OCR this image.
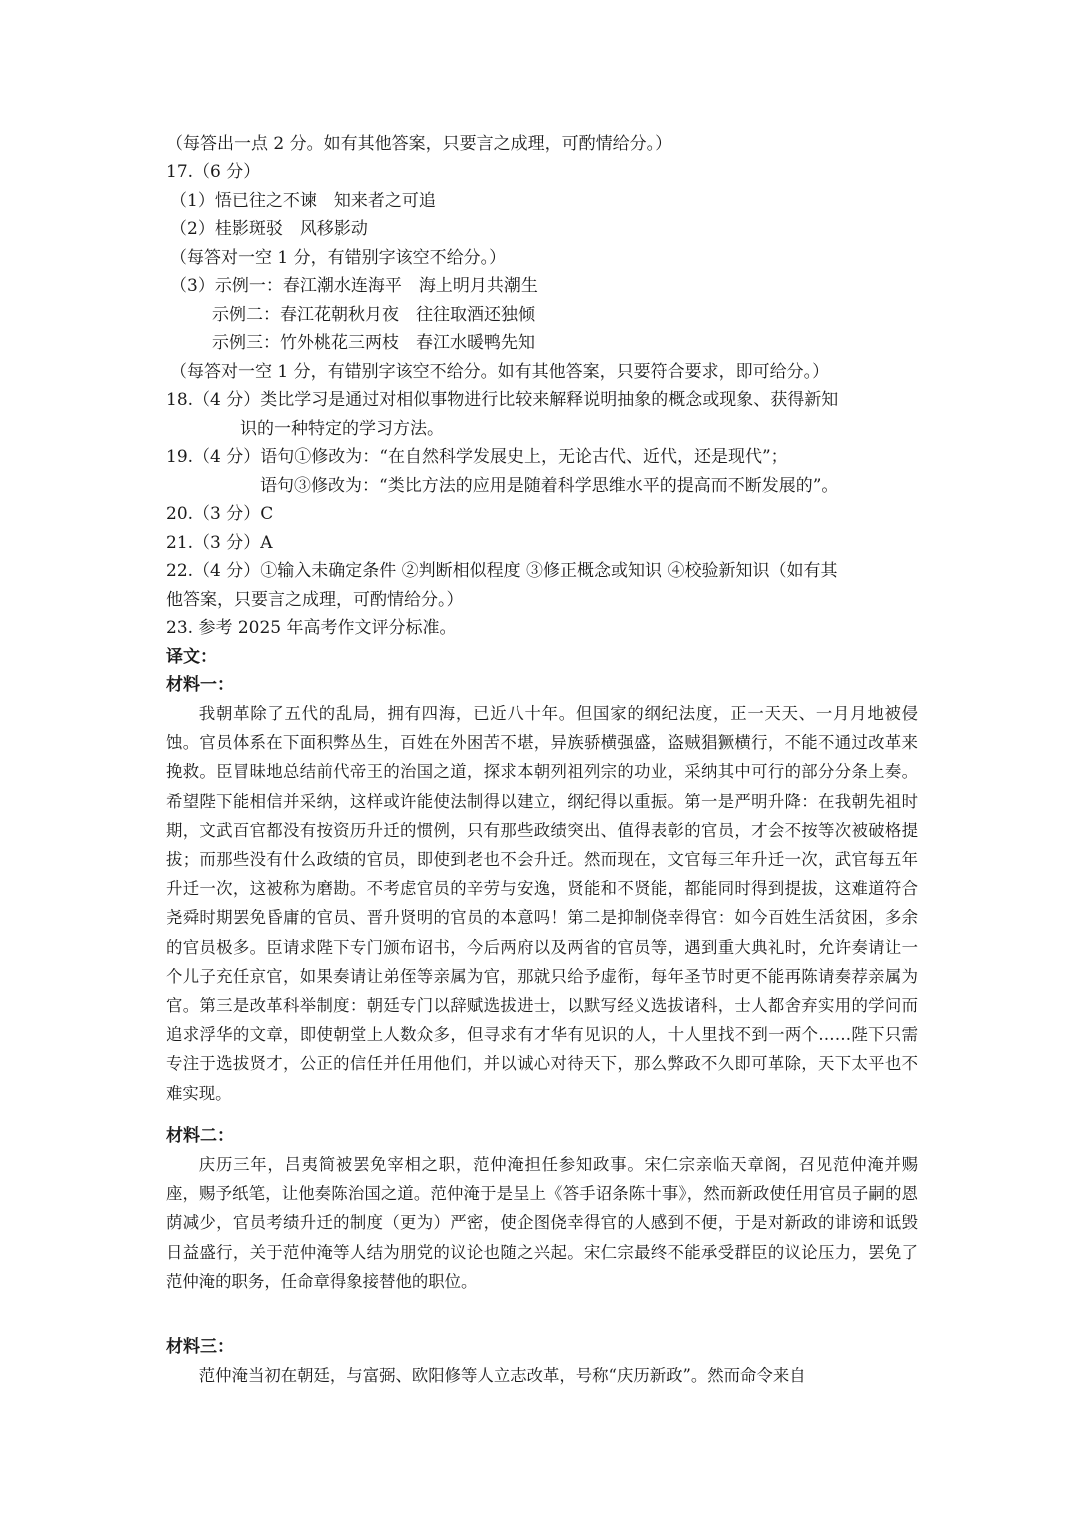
（每答出一点 2 分。如有其他答案，只要言之成理，可酌情给分。）
17.（6 分）
（1）悟已往之不谏　知来者之可追
（2）桂影斑驳　风移影动
（每答对一空 1 分，有错别字该空不给分。）
（3）示例一：春江潮水连海平　海上明月共潮生
示例二：春江花朝秋月夜　往往取酒还独倾
示例三：竹外桃花三两枝　春江水暖鸭先知
（每答对一空 1 分，有错别字该空不给分。如有其他答案，只要符合要求，即可给分。）
18.（4 分）类比学习是通过对相似事物进行比较来解释说明抽象的概念或现象、获得新知
识的一种特定的学习方法。
19.（4 分）语句①修改为：“在自然科学发展史上，无论古代、近代，还是现代”；
语句③修改为：“类比方法的应用是随着科学思维水平的提高而不断发展的”。
20.（3 分）C
21.（3 分）A
22.（4 分）①输入未确定条件 ②判断相似程度 ③修正概念或知识 ④校验新知识（如有其
他答案，只要言之成理，可酌情给分。）
23. 参考 2025 年高考作文评分标准。
译文：
材料一：

我朝革除了五代的乱局，拥有四海，已近八十年。但国家的纲纪法度，正一天天、一月月地被侵蚀。官员体系在下面积弊丛生，百姓在外困苦不堪，异族骄横强盛，盗贼猖獗横行，不能不通过改革来挽救。臣冒昧地总结前代帝王的治国之道，探求本朝列祖列宗的功业，采纳其中可行的部分分条上奏。希望陛下能相信并采纳，这样或许能使法制得以建立，纲纪得以重振。第一是严明升降：在我朝先祖时期，文武百官都没有按资历升迁的惯例，只有那些政绩突出、值得表彰的官员，才会不按等次被破格提拔；而那些没有什么政绩的官员，即使到老也不会升迁。然而现在，文官每三年升迁一次，武官每五年升迁一次，这被称为磨勘。不考虑官员的辛劳与安逸，贤能和不贤能，都能同时得到提拔，这难道符合尧舜时期罢免昏庸的官员、晋升贤明的官员的本意吗！第二是抑制侥幸得官：如今百姓生活贫困，多余的官员极多。臣请求陛下专门颁布诏书，今后两府以及两省的官员等，遇到重大典礼时，允许奏请让一个儿子充任京官，如果奏请让弟侄等亲属为官，那就只给予虚衔，每年圣节时更不能再陈请奏荐亲属为官。第三是改革科举制度：朝廷专门以辞赋选拔进士，以默写经义选拔诸科，士人都舍弃实用的学问而追求浮华的文章，即使朝堂上人数众多，但寻求有才华有见识的人，十人里找不到一两个……陛下只需专注于选拔贤才，公正的信任并任用他们，并以诚心对待天下，那么弊政不久即可革除，天下太平也不难实现。

材料二：

庆历三年，吕夷简被罢免宰相之职，范仲淹担任参知政事。宋仁宗亲临天章阁，召见范仲淹并赐座，赐予纸笔，让他奏陈治国之道。范仲淹于是呈上《答手诏条陈十事》，然而新政使任用官员子嗣的恩荫减少，官员考绩升迁的制度（更为）严密，使企图侥幸得官的人感到不便，于是对新政的诽谤和诋毁日益盛行，关于范仲淹等人结为朋党的议论也随之兴起。宋仁宗最终不能承受群臣的议论压力，罢免了范仲淹的职务，任命章得象接替他的职位。

材料三：

范仲淹当初在朝廷，与富弼、欧阳修等人立志改革，号称“庆历新政”。然而命令来自
